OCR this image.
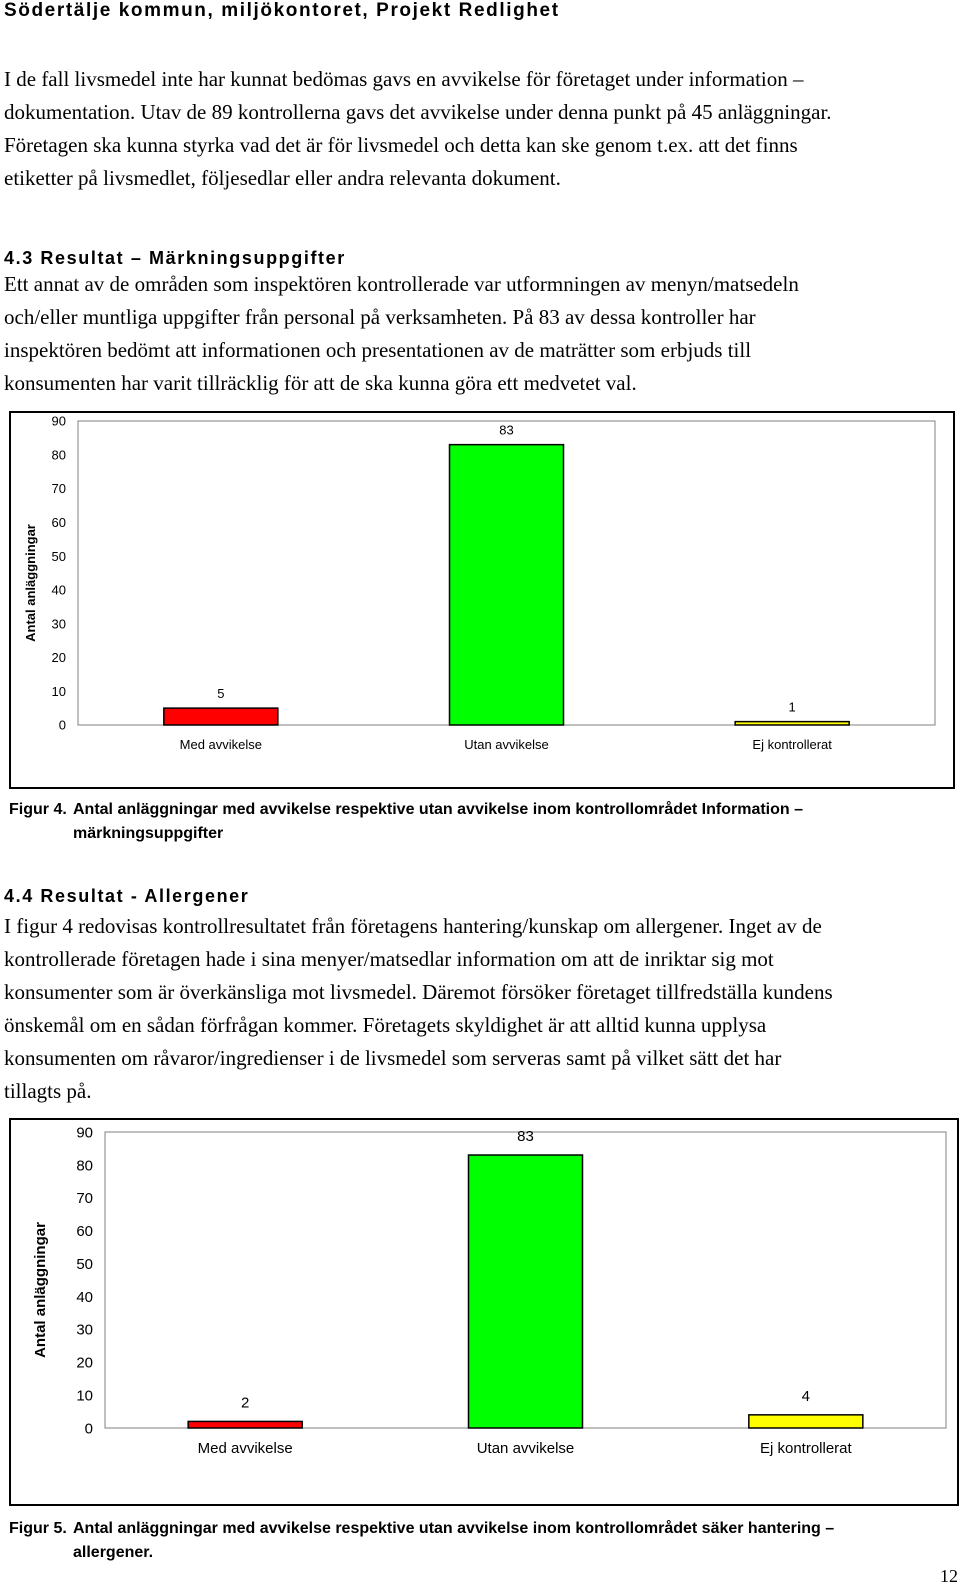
Södertälje kommun, miljökontoret, Projekt Redlighet

I de fall livsmedel inte har kunnat bedömas gavs en avvikelse för företaget under information –
dokumentation. Utav de 89 kontrollerna gavs det avvikelse under denna punkt på 45 anläggningar.
Företagen ska kunna styrka vad det är för livsmedel och detta kan ske genom t.ex. att det finns
etiketter på livsmedlet, följesedlar eller andra relevanta dokument.

4.3 Resultat – Märkningsuppgifter

Ett annat av de områden som inspektören kontrollerade var utformningen av menyn/matsedeln
och/eller muntliga uppgifter från personal på verksamheten. På 83 av dessa kontroller har
inspektören bedömt att informationen och presentationen av de maträtter som erbjuds till
konsumenten har varit tillräcklig för att de ska kunna göra ett medvetet val.

0
10
20
30
40
50
60
70
80
90
Antal anläggningar
5
Med avvikelse
83
Utan avvikelse
1
Ej kontrollerat
Figur 4. Antal anläggningar med avvikelse respektive utan avvikelse inom kontrollområdet Information – märkningsuppgifter
4.4 Resultat - Allergener

I figur 4 redovisas kontrollresultatet från företagens hantering/kunskap om allergener. Inget av de
kontrollerade företagen hade i sina menyer/matsedlar information om att de inriktar sig mot
konsumenter som är överkänsliga mot livsmedel. Däremot försöker företaget tillfredställa kundens
önskemål om en sådan förfrågan kommer. Företagets skyldighet är att alltid kunna upplysa
konsumenten om råvaror/ingredienser i de livsmedel som serveras samt på vilket sätt det har
tillagts på.

0
10
20
30
40
50
60
70
80
90
Antal anläggningar
2
Med avvikelse
83
Utan avvikelse
4
Ej kontrollerat
Figur 5. Antal anläggningar med avvikelse respektive utan avvikelse inom kontrollområdet säker hantering – allergener.
12
